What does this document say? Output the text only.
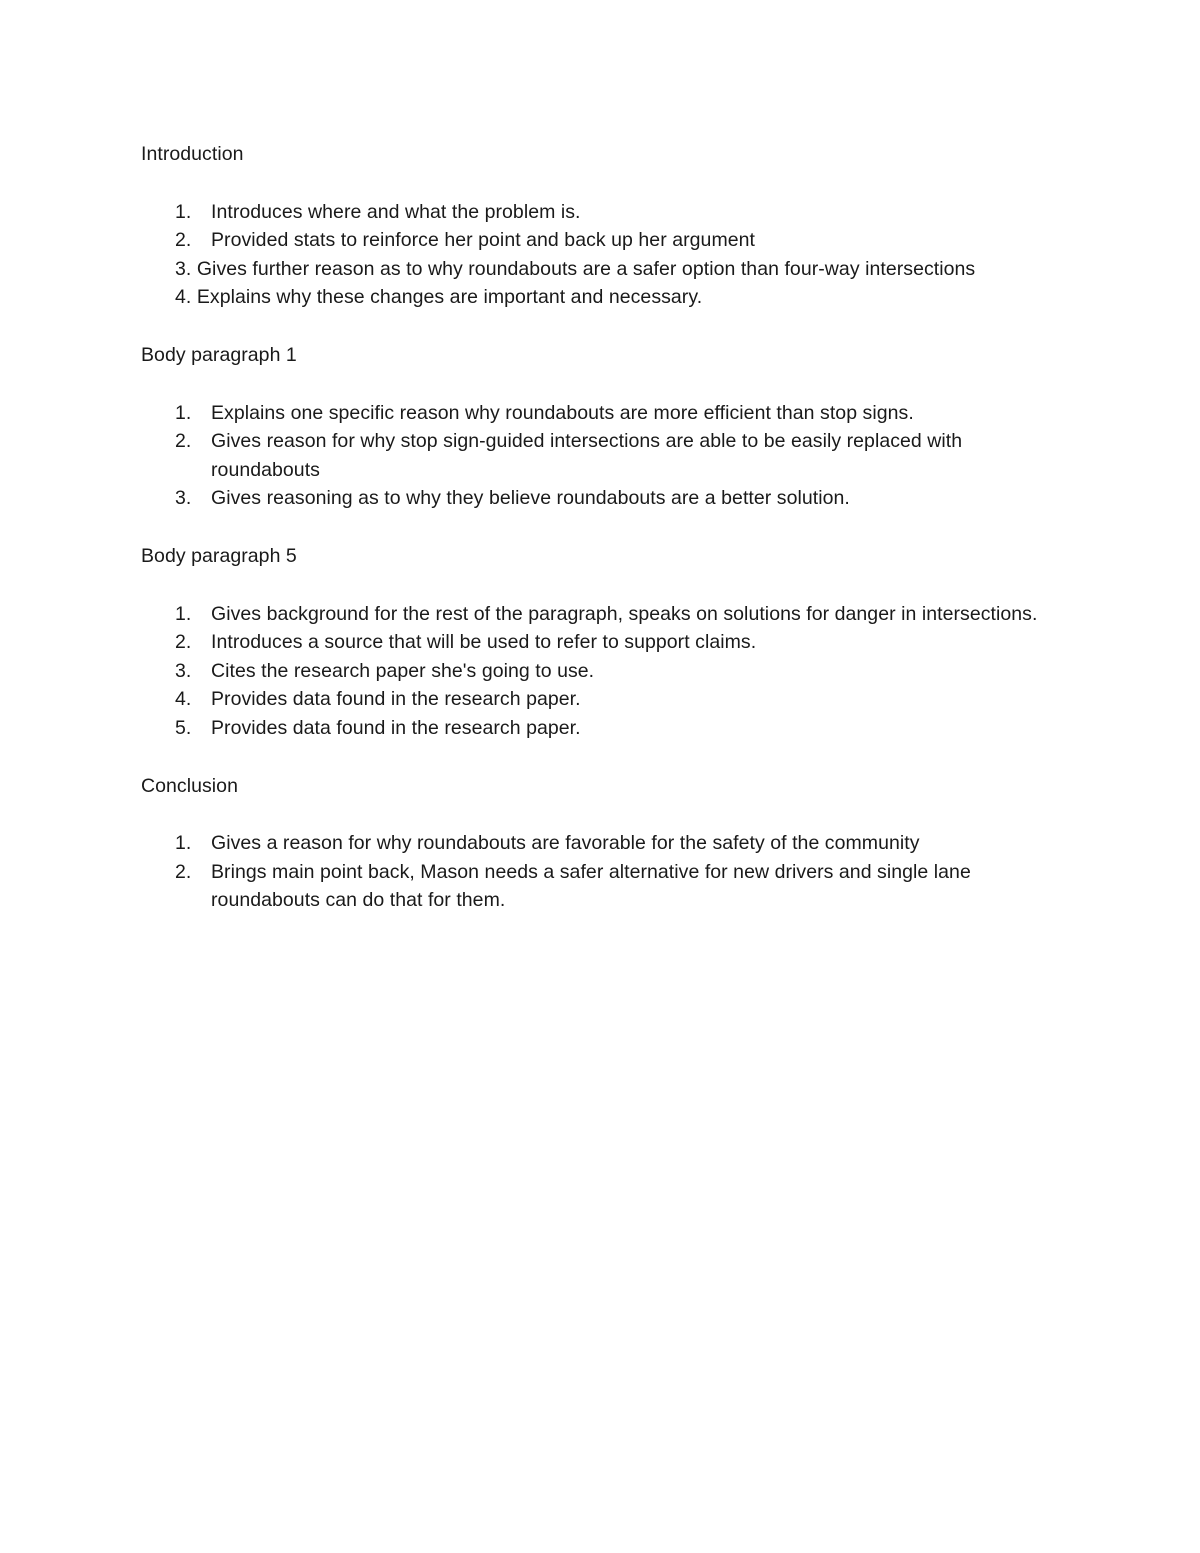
Introduction
1.	Introduces where and what the problem is.
2.	Provided stats to reinforce her point and back up her argument
3. Gives further reason as to why roundabouts are a safer option than four-way intersections
4. Explains why these changes are important and necessary.
Body paragraph 1
1.	Explains one specific reason why roundabouts are more efficient than stop signs.
2.	Gives reason for why stop sign-guided intersections are able to be easily replaced with roundabouts
3.	Gives reasoning as to why they believe roundabouts are a better solution.
Body paragraph 5
1.	Gives background for the rest of the paragraph, speaks on solutions for danger in intersections.
2.	Introduces a source that will be used to refer to support claims.
3.	Cites the research paper she's going to use.
4.	Provides data found in the research paper.
5.	Provides data found in the research paper.
Conclusion
1.	Gives a reason for why roundabouts are favorable for the safety of the community
2.	Brings main point back, Mason needs a safer alternative for new drivers and single lane roundabouts can do that for them.
